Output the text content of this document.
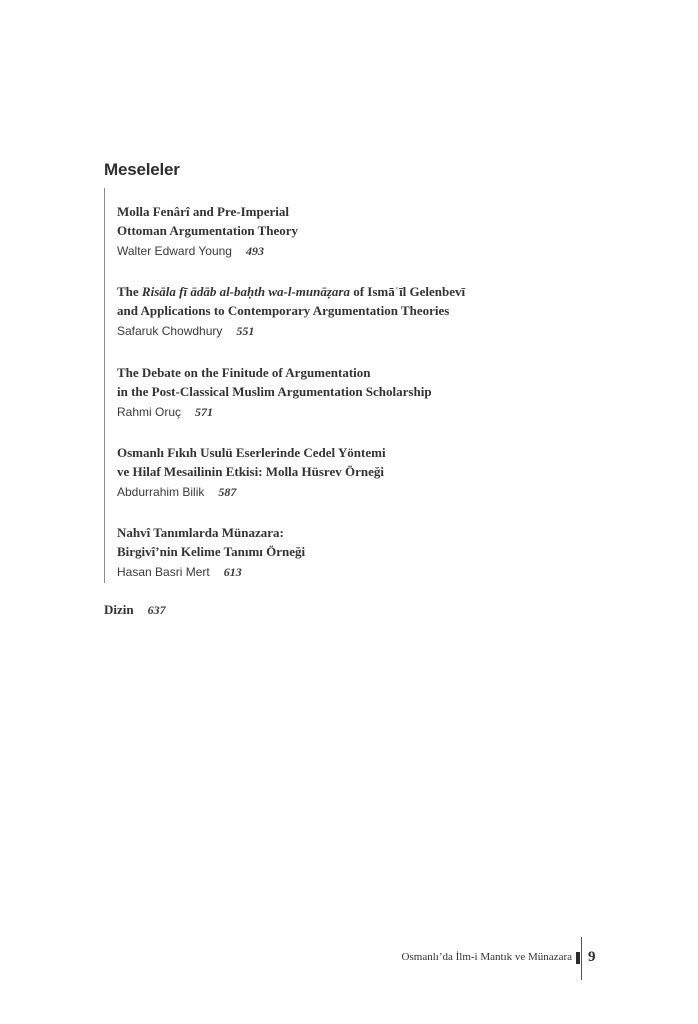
Meseleler
Molla Fenârî and Pre-Imperial
Ottoman Argumentation Theory
Walter Edward Young 493
The Risāla fī ādāb al-baḥth wa-l-munāẓara of Ismāʿīl Gelenbevī
and Applications to Contemporary Argumentation Theories
Safaruk Chowdhury 551
The Debate on the Finitude of Argumentation
in the Post-Classical Muslim Argumentation Scholarship
Rahmi Oruç 571
Osmanlı Fıkıh Usulü Eserlerinde Cedel Yöntemi
ve Hilaf Mesailinin Etkisi: Molla Hüsrev Örneği
Abdurrahim Bilik 587
Nahvî Tanımlarda Münazara:
Birgivî’nin Kelime Tanımı Örneği
Hasan Basri Mert 613
Dizin 637
Osmanlı’da İlm-i Mantık ve Münazara 9
